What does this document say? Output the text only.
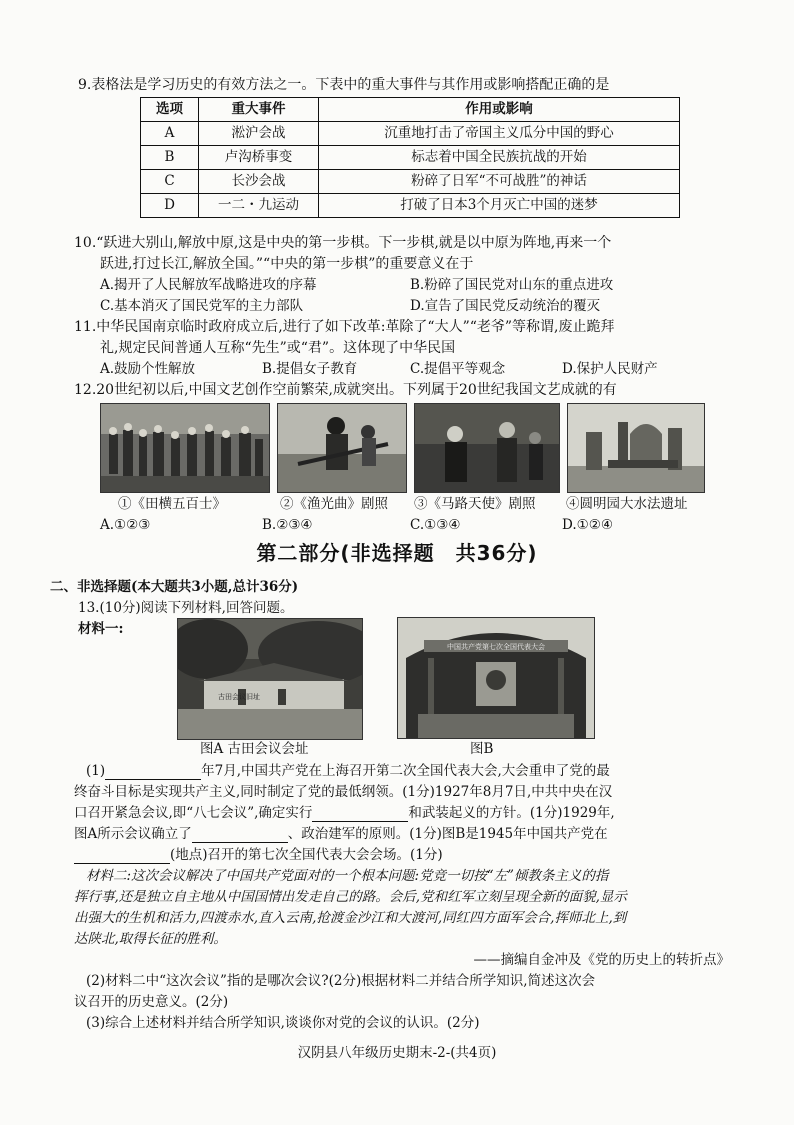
9.表格法是学习历史的有效方法之一。下表中的重大事件与其作用或影响搭配正确的是
选项	重大事件	作用或影响
A	淞沪会战	沉重地打击了帝国主义瓜分中国的野心
B	卢沟桥事变	标志着中国全民族抗战的开始
C	长沙会战	粉碎了日军“不可战胜”的神话
D	一二・九运动	打破了日本3个月灭亡中国的迷梦
10.“跃进大别山,解放中原,这是中央的第一步棋。下一步棋,就是以中原为阵地,再来一个
跃进,打过长江,解放全国。”“中央的第一步棋”的重要意义在于
A.揭开了人民解放军战略进攻的序幕	B.粉碎了国民党对山东的重点进攻
C.基本消灭了国民党军的主力部队	D.宣告了国民党反动统治的覆灭
11.中华民国南京临时政府成立后,进行了如下改革:革除了“大人”“老爷”等称谓,废止跪拜
礼,规定民间普通人互称“先生”或“君”。这体现了中华民国
A.鼓励个性解放	B.提倡女子教育	C.提倡平等观念	D.保护人民财产
12.20世纪初以后,中国文艺创作空前繁荣,成就突出。下列属于20世纪我国文艺成就的有
①《田横五百士》	②《渔光曲》剧照 ③《马路天使》剧照 ④圆明园大水法遗址
A.①②③	B.②③④	C.①③④	D.①②④
第二部分(非选择题　共36分)
二、非选择题(本大题共3小题,总计36分)
13.(10分)阅读下列材料,回答问题。
材料一:
古田会议旧址
中国共产党第七次全国代表大会
图A 古田会议会址	图B
(1)	年7月,中国共产党在上海召开第二次全国代表大会,大会重申了党的最
终奋斗目标是实现共产主义,同时制定了党的最低纲领。(1分)1927年8月7日,中共中央在汉
口召开紧急会议,即“八七会议”,确定实行	和武装起义的方针。(1分)1929年,
图A所示会议确立了	、政治建军的原则。(1分)图B是1945年中国共产党在
(地点)召开的第七次全国代表大会会场。(1分)
材料二:这次会议解决了中国共产党面对的一个根本问题:党竞一切按“左”倾教条主义的指
挥行事,还是独立自主地从中国国情出发走自己的路。会后,党和红军立刻呈现全新的面貌,显示
出强大的生机和活力,四渡赤水,直入云南,抢渡金沙江和大渡河,同红四方面军会合,挥师北上,到
达陕北,取得长征的胜利。
——摘编自金冲及《党的历史上的转折点》
(2)材料二中“这次会议”指的是哪次会议?(2分)根据材料二并结合所学知识,简述这次会
议召开的历史意义。(2分)
(3)综合上述材料并结合所学知识,谈谈你对党的会议的认识。(2分)
汉阴县八年级历史期末-2-(共4页)
